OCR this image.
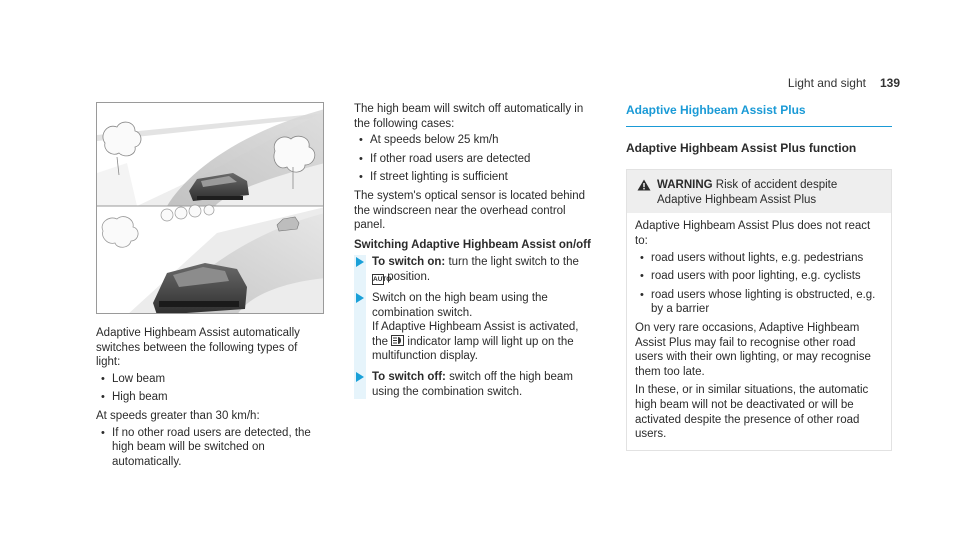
Light and sight 139

Adaptive Highbeam Assist automatically switches between the following types of light:

• Low beam
• High beam

At speeds greater than 30 km/h:

• If no other road users are detected, the high beam will be switched on automatically.

The high beam will switch off automatically in the following cases:

• At speeds below 25 km/h
• If other road users are detected
• If street lighting is sufficient

The system's optical sensor is located behind the windscreen near the overhead control panel.

Switching Adaptive Highbeam Assist on/off

To switch on: turn the light switch to the AUTO position.
Switch on the high beam using the combination switch.
If Adaptive Highbeam Assist is activated, the indicator lamp will light up on the multifunction display.
To switch off: switch off the high beam using the combination switch.
Adaptive Highbeam Assist Plus
Adaptive Highbeam Assist Plus function
WARNING Risk of accident despite Adaptive Highbeam Assist Plus

Adaptive Highbeam Assist Plus does not react to:

• road users without lights, e.g. pedestrians
• road users with poor lighting, e.g. cyclists
• road users whose lighting is obstructed, e.g. by a barrier

On very rare occasions, Adaptive Highbeam Assist Plus may fail to recognise other road users with their own lighting, or may recognise them too late.

In these, or in similar situations, the automatic high beam will not be deactivated or will be activated despite the presence of other road users.
